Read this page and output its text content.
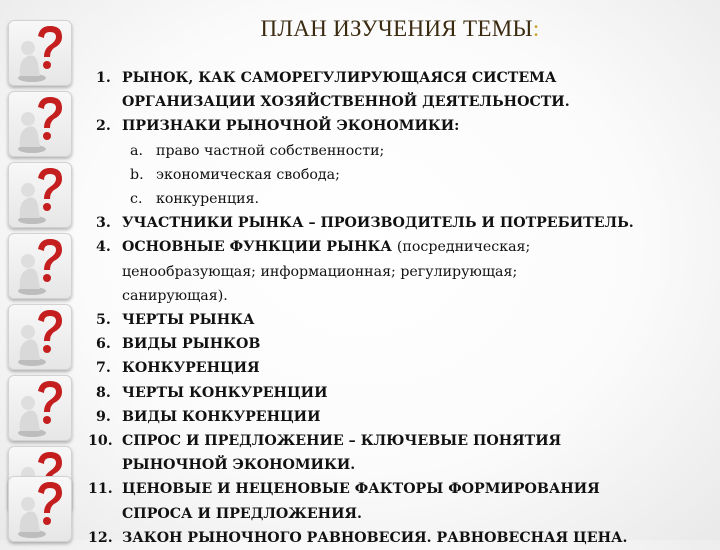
ПЛАН ИЗУЧЕНИЯ ТЕМЫ:
1. РЫНОК, КАК САМОРЕГУЛИРУЮЩАЯСЯ СИСТЕМА
ОРГАНИЗАЦИИ ХОЗЯЙСТВЕННОЙ ДЕЯТЕЛЬНОСТИ.
2. ПРИЗНАКИ РЫНОЧНОЙ ЭКОНОМИКИ:
a. право частной собственности;
b. экономическая свобода;
c. конкуренция.
3. УЧАСТНИКИ РЫНКА – ПРОИЗВОДИТЕЛЬ И ПОТРЕБИТЕЛЬ.
4. ОСНОВНЫЕ ФУНКЦИИ РЫНКА (посредническая;
ценообразующая; информационная; регулирующая;
санирующая).
5. ЧЕРТЫ РЫНКА
6. ВИДЫ РЫНКОВ
7. КОНКУРЕНЦИЯ
8. ЧЕРТЫ КОНКУРЕНЦИИ
9. ВИДЫ КОНКУРЕНЦИИ
10. СПРОС И ПРЕДЛОЖЕНИЕ – КЛЮЧЕВЫЕ ПОНЯТИЯ
РЫНОЧНОЙ ЭКОНОМИКИ.
11. ЦЕНОВЫЕ И НЕЦЕНОВЫЕ ФАКТОРЫ ФОРМИРОВАНИЯ
СПРОСА И ПРЕДЛОЖЕНИЯ.
12. ЗАКОН РЫНОЧНОГО РАВНОВЕСИЯ. РАВНОВЕСНАЯ ЦЕНА.
